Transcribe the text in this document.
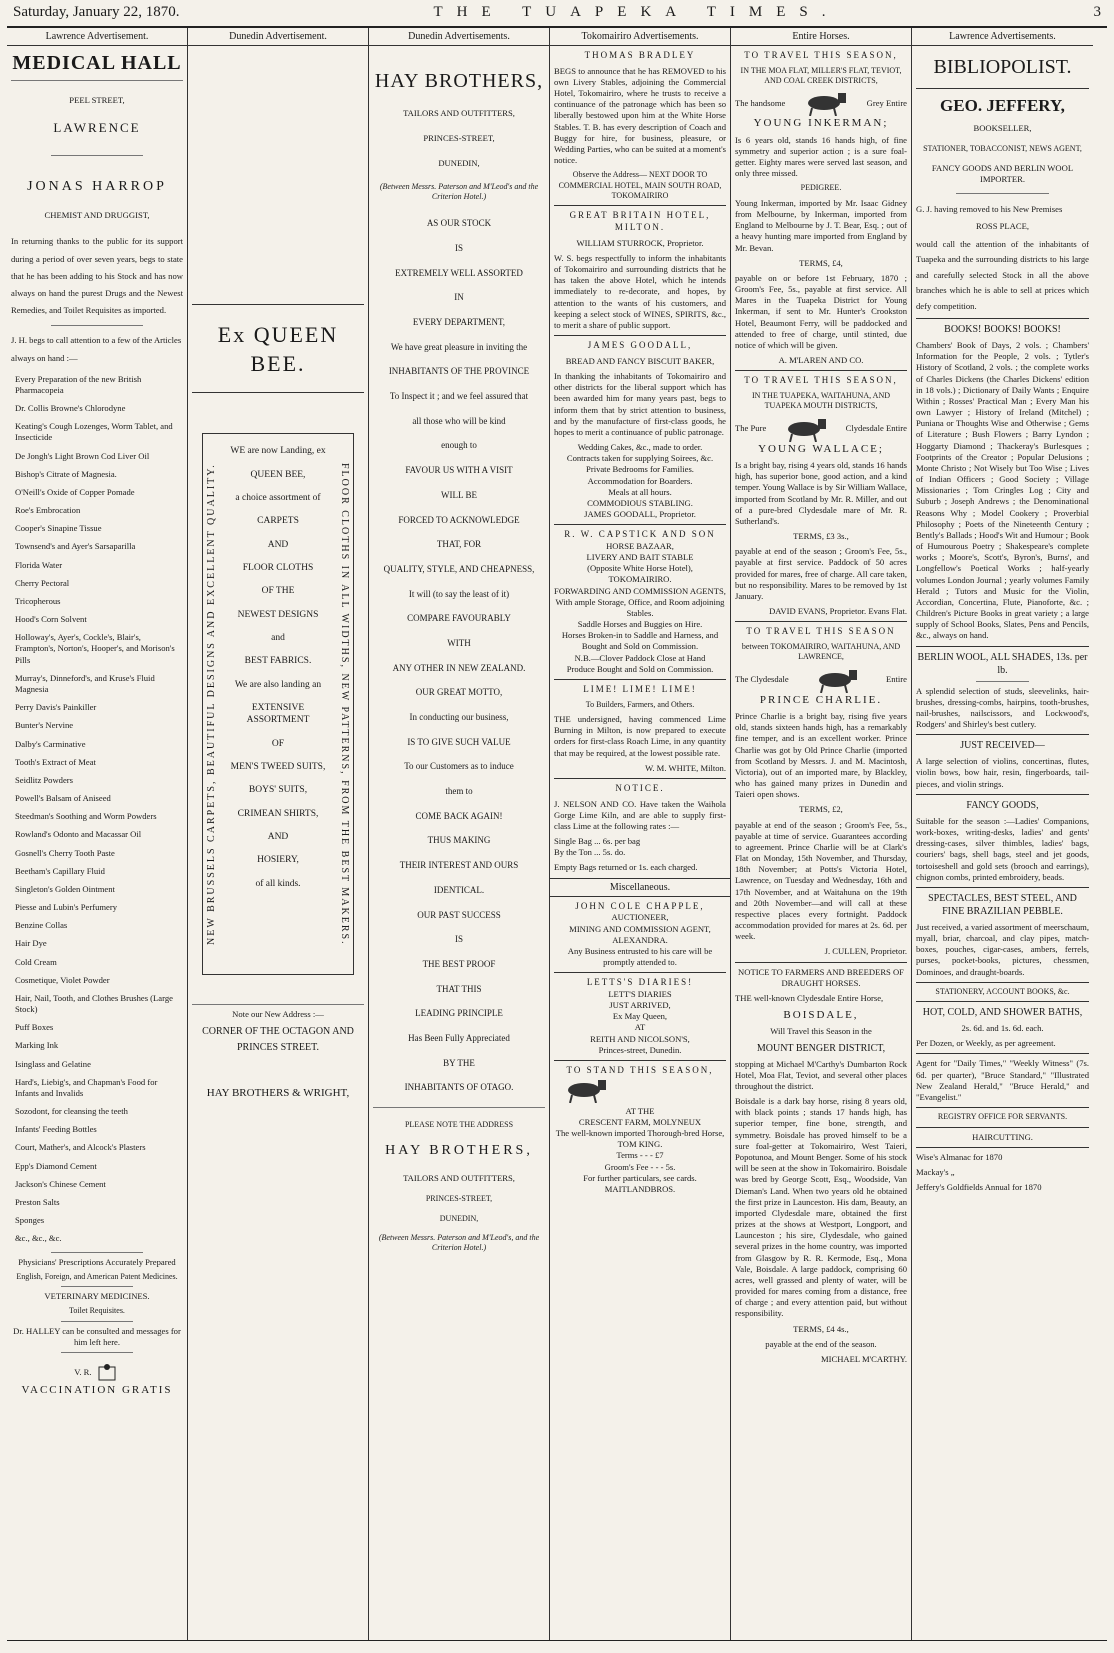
Saturday, January 22, 1870.	THE TUAPEKA TIMES.	3
Lawrence Advertisement.
MEDICAL HALL
PEEL STREET,
LAWRENCE
JONAS HARROP
CHEMIST AND DRUGGIST,

In returning thanks to the public for its support during a period of over seven years, begs to state that he has been adding to his Stock and has now always on hand the purest Drugs and the Newest Remedies, and Toilet Requisites as imported.

J. H. begs to call attention to a few of the Articles always on hand :—

Every Preparation of the new British Pharmacopeia
Dr. Collis Browne's Chlorodyne
Keating's Cough Lozenges, Worm Tablet, and Insecticide
De Jongh's Light Brown Cod Liver Oil
Bishop's Citrate of Magnesia.
O'Neill's Oxide of Copper Pomade
Roe's Embrocation
Cooper's Sinapine Tissue
Townsend's and Ayer's Sarsaparilla
Florida Water
Cherry Pectoral
Tricopherous
Hood's Corn Solvent
Holloway's, Ayer's, Cockle's, Blair's, Frampton's, Norton's, Hooper's, and Morison's Pills
Murray's, Dinneford's, and Kruse's Fluid Magnesia
Perry Davis's Painkiller
Bunter's Nervine
Dalby's Carminative
Tooth's Extract of Meat
Seidlitz Powders
Powell's Balsam of Aniseed
Steedman's Soothing and Worm Powders
Rowland's Odonto and Macassar Oil
Gosnell's Cherry Tooth Paste
Beetham's Capillary Fluid
Singleton's Golden Ointment
Piesse and Lubin's Perfumery
Benzine Collas
Hair Dye
Cold Cream
Cosmetique, Violet Powder
Hair, Nail, Tooth, and Clothes Brushes (Large Stock)
Puff Boxes
Marking Ink
Isinglass and Gelatine
Hard's, Liebig's, and Chapman's Food for Infants and Invalids
Sozodont, for cleansing the teeth
Infants' Feeding Bottles
Court, Mather's, and Alcock's Plasters
Epp's Diamond Cement
Jackson's Chinese Cement
Preston Salts
Sponges
&c., &c., &c.

Physicians' Prescriptions Accurately Prepared

English, Foreign, and American Patent Medicines.

VETERINARY MEDICINES.

Toilet Requisites.

Dr. HALLEY can be consulted and messages for him left here.

V. R.
VACCINATION GRATIS
Dunedin Advertisement.
Ex QUEEN BEE.
NEW BRUSSELS CARPETS, BEAUTIFUL DESIGNS AND EXCELLENT QUALITY.	FLOOR CLOTHS IN ALL WIDTHS, NEW PATTERNS, FROM THE BEST MAKERS.
WE are now Landing, ex
QUEEN BEE,
a choice assortment of
CARPETS
AND
FLOOR CLOTHS
OF THE
NEWEST DESIGNS
and
BEST FABRICS.
We are also landing an
EXTENSIVE ASSORTMENT
OF
MEN'S TWEED SUITS,
BOYS' SUITS,
CRIMEAN SHIRTS,
AND
HOSIERY,
of all kinds.

Note our New Address :—

CORNER OF THE OCTAGON AND PRINCES STREET.

HAY BROTHERS & WRIGHT,
Dunedin Advertisements.
HAY BROTHERS,

TAILORS AND OUTFITTERS,

PRINCES-STREET,

DUNEDIN,

(Between Messrs. Paterson and M'Leod's and the Criterion Hotel.)

AS OUR STOCK
IS
EXTREMELY WELL ASSORTED
IN
EVERY DEPARTMENT,
We have great pleasure in inviting the
INHABITANTS OF THE PROVINCE
To Inspect it ; and we feel assured that
all those who will be kind
enough to
FAVOUR US WITH A VISIT
WILL BE
FORCED TO ACKNOWLEDGE
THAT, FOR
QUALITY, STYLE, AND CHEAPNESS,
It will (to say the least of it)
COMPARE FAVOURABLY
WITH
ANY OTHER IN NEW ZEALAND.
OUR GREAT MOTTO,
In conducting our business,
IS TO GIVE SUCH VALUE
To our Customers as to induce
them to
COME BACK AGAIN!
THUS MAKING
THEIR INTEREST AND OURS
IDENTICAL.
OUR PAST SUCCESS
IS
THE BEST PROOF
THAT THIS
LEADING PRINCIPLE
Has Been Fully Appreciated
BY THE
INHABITANTS OF OTAGO.

PLEASE NOTE THE ADDRESS

HAY BROTHERS,

TAILORS AND OUTFITTERS,

PRINCES-STREET,

DUNEDIN,

(Between Messrs. Paterson and M'Leod's, and the Criterion Hotel.)

Tokomairiro Advertisements.
THOMAS BRADLEY

BEGS to announce that he has REMOVED to his own Livery Stables, adjoining the Commercial Hotel, Tokomairiro, where he trusts to receive a continuance of the patronage which has been so liberally bestowed upon him at the White Horse Stables. T. B. has every description of Coach and Buggy for hire, for business, pleasure, or Wedding Parties, who can be suited at a moment's notice.

Observe the Address— NEXT DOOR TO COMMERCIAL HOTEL, MAIN SOUTH ROAD, TOKOMAIRIRO

GREAT BRITAIN HOTEL, MILTON.

WILLIAM STURROCK, Proprietor.

W. S. begs respectfully to inform the inhabitants of Tokomairiro and surrounding districts that he has taken the above Hotel, which he intends immediately to re-decorate, and hopes, by attention to the wants of his customers, and keeping a select stock of WINES, SPIRITS, &c., to merit a share of public support.

JAMES GOODALL,

BREAD AND FANCY BISCUIT BAKER,

In thanking the inhabitants of Tokomairiro and other districts for the liberal support which has been awarded him for many years past, begs to inform them that by strict attention to business, and by the manufacture of first-class goods, he hopes to merit a continuance of public patronage.

Wedding Cakes, &c., made to order.
Contracts taken for supplying Soirees, &c.
Private Bedrooms for Families.
Accommodation for Boarders.
Meals at all hours.
COMMODIOUS STABLING.
JAMES GOODALL, Proprietor.
R. W. CAPSTICK AND SON
HORSE BAZAAR,
LIVERY AND BAIT STABLE
(Opposite White Horse Hotel),
TOKOMAIRIRO.
FORWARDING AND COMMISSION AGENTS,
With ample Storage, Office, and Room adjoining Stables.
Saddle Horses and Buggies on Hire.
Horses Broken-in to Saddle and Harness, and Bought and Sold on Commission.
N.B.—Clover Paddock Close at Hand
Produce Bought and Sold on Commission.
LIME! LIME! LIME!

To Builders, Farmers, and Others.

THE undersigned, having commenced Lime Burning in Milton, is now prepared to execute orders for first-class Roach Lime, in any quantity that may be required, at the lowest possible rate.

W. M. WHITE, Milton.

NOTICE.

J. NELSON AND CO. Have taken the Waihola Gorge Lime Kiln, and are able to supply first-class Lime at the following rates :—

Single Bag ... 6s. per bag
By the Ton ... 5s. do.

Empty Bags returned or 1s. each charged.

Miscellaneous.
JOHN COLE CHAPPLE,
AUCTIONEER,
MINING AND COMMISSION AGENT,
ALEXANDRA.
Any Business entrusted to his care will be promptly attended to.
LETTS'S DIARIES!
LETT'S DIARIES
JUST ARRIVED,
Ex May Queen,
AT
REITH AND NICOLSON'S,
Princes-street, Dunedin.
TO STAND THIS SEASON,
AT THE
CRESCENT FARM, MOLYNEUX
The well-known imported Thorough-bred Horse,
TOM KING.
Terms - - - £7
Groom's Fee - - - 5s.
For further particulars, see cards.
MAITLANDBROS.
Entire Horses.
TO TRAVEL THIS SEASON,

IN THE MOA FLAT, MILLER'S FLAT, TEVIOT, AND COAL CREEK DISTRICTS,

The handsome	Grey Entire
YOUNG INKERMAN;

Is 6 years old, stands 16 hands high, of fine symmetry and superior action ; is a sure foal-getter. Eighty mares were served last season, and only three missed.

PEDIGREE.

Young Inkerman, imported by Mr. Isaac Gidney from Melbourne, by Inkerman, imported from England to Melbourne by J. T. Bear, Esq. ; out of a heavy hunting mare imported from England by Mr. Bevan.

TERMS, £4,

payable on or before 1st February, 1870 ; Groom's Fee, 5s., payable at first service. All Mares in the Tuapeka District for Young Inkerman, if sent to Mr. Hunter's Crookston Hotel, Beaumont Ferry, will be paddocked and attended to free of charge, until stinted, due notice of which will be given.

A. M'LAREN AND CO.

TO TRAVEL THIS SEASON,

IN THE TUAPEKA, WAITAHUNA, AND TUAPEKA MOUTH DISTRICTS,

The Pure	Clydesdale Entire
YOUNG WALLACE;

Is a bright bay, rising 4 years old, stands 16 hands high, has superior bone, good action, and a kind temper. Young Wallace is by Sir William Wallace, imported from Scotland by Mr. R. Miller, and out of a pure-bred Clydesdale mare of Mr. R. Sutherland's.

TERMS, £3 3s.,

payable at end of the season ; Groom's Fee, 5s., payable at first service. Paddock of 50 acres provided for mares, free of charge. All care taken, but no responsibility. Mares to be removed by 1st January.

DAVID EVANS, Proprietor. Evans Flat.

TO TRAVEL THIS SEASON

between TOKOMAIRIRO, WAITAHUNA, AND LAWRENCE,

The Clydesdale	Entire
PRINCE CHARLIE.

Prince Charlie is a bright bay, rising five years old, stands sixteen hands high, has a remarkably fine temper, and is an excellent worker. Prince Charlie was got by Old Prince Charlie (imported from Scotland by Messrs. J. and M. Macintosh, Victoria), out of an imported mare, by Blackley, who has gained many prizes in Dunedin and Taieri open shows.

TERMS, £2,

payable at end of the season ; Groom's Fee, 5s., payable at time of service. Guarantees according to agreement. Prince Charlie will be at Clark's Flat on Monday, 15th November, and Thursday, 18th November; at Potts's Victoria Hotel, Lawrence, on Tuesday and Wednesday, 16th and 17th November, and at Waitahuna on the 19th and 20th November—and will call at these respective places every fortnight. Paddock accommodation provided for mares at 2s. 6d. per week.

J. CULLEN, Proprietor.

NOTICE TO FARMERS AND BREEDERS OF DRAUGHT HORSES.

THE well-known Clydesdale Entire Horse,

BOISDALE,

Will Travel this Season in the

MOUNT BENGER DISTRICT,

stopping at Michael M'Carthy's Dumbarton Rock Hotel, Moa Flat, Teviot, and several other places throughout the district.

Boisdale is a dark bay horse, rising 8 years old, with black points ; stands 17 hands high, has superior temper, fine bone, strength, and symmetry. Boisdale has proved himself to be a sure foal-getter at Tokomairiro, West Taieri, Popotunoa, and Mount Benger. Some of his stock will be seen at the show in Tokomairiro. Boisdale was bred by George Scott, Esq., Woodside, Van Dieman's Land. When two years old he obtained the first prize in Launceston. His dam, Beauty, an imported Clydesdale mare, obtained the first prizes at the shows at Westport, Longport, and Launceston ; his sire, Clydesdale, who gained several prizes in the home country, was imported from Glasgow by R. R. Kermode, Esq., Mona Vale, Boisdale. A large paddock, comprising 60 acres, well grassed and plenty of water, will be provided for mares coming from a distance, free of charge ; and every attention paid, but without responsibility.

TERMS, £4 4s.,

payable at the end of the season.

MICHAEL M'CARTHY.

Lawrence Advertisements.
BIBLIOPOLIST.
GEO. JEFFERY,

BOOKSELLER,

STATIONER, TOBACCONIST, NEWS AGENT,

FANCY GOODS AND BERLIN WOOL IMPORTER.

G. J. having removed to his New Premises

ROSS PLACE,

would call the attention of the inhabitants of Tuapeka and the surrounding districts to his large and carefully selected Stock in all the above branches which he is able to sell at prices which defy competition.

BOOKS! BOOKS! BOOKS!

Chambers' Book of Days, 2 vols. ; Chambers' Information for the People, 2 vols. ; Tytler's History of Scotland, 2 vols. ; the complete works of Charles Dickens (the Charles Dickens' edition in 18 vols.) ; Dictionary of Daily Wants ; Enquire Within ; Rosses' Practical Man ; Every Man his own Lawyer ; History of Ireland (Mitchel) ; Puniana or Thoughts Wise and Otherwise ; Gems of Literature ; Bush Flowers ; Barry Lyndon ; Hoggarty Diamond ; Thackeray's Burlesques ; Footprints of the Creator ; Popular Delusions ; Monte Christo ; Not Wisely but Too Wise ; Lives of Indian Officers ; Good Society ; Village Missionaries ; Tom Cringles Log ; City and Suburb ; Joseph Andrews ; the Denominational Reasons Why ; Model Cookery ; Proverbial Philosophy ; Poets of the Nineteenth Century ; Bently's Ballads ; Hood's Wit and Humour ; Book of Humourous Poetry ; Shakespeare's complete works ; Moore's, Scott's, Byron's, Burns', and Longfellow's Poetical Works ; half-yearly volumes London Journal ; yearly volumes Family Herald ; Tutors and Music for the Violin, Accordian, Concertina, Flute, Pianoforte, &c. ; Children's Picture Books in great variety ; a large supply of School Books, Slates, Pens and Pencils, &c., always on hand.

BERLIN WOOL, ALL SHADES, 13s. per lb.

A splendid selection of studs, sleevelinks, hair-brushes, dressing-combs, hairpins, tooth-brushes, nail-brushes, nailscissors, and Lockwood's, Rodgers' and Shirley's best cutlery.

JUST RECEIVED—

A large selection of violins, concertinas, flutes, violin bows, bow hair, resin, fingerboards, tail-pieces, and violin strings.

FANCY GOODS,

Suitable for the season :—Ladies' Companions, work-boxes, writing-desks, ladies' and gents' dressing-cases, silver thimbles, ladies' bags, couriers' bags, shell bags, steel and jet goods, tortoiseshell and gold sets (brooch and earrings), chignon combs, printed embroidery, beads.

SPECTACLES, BEST STEEL, AND FINE BRAZILIAN PEBBLE.

Just received, a varied assortment of meerschaum, myall, briar, charcoal, and clay pipes, match-boxes, pouches, cigar-cases, ambers, ferrels, purses, pocket-books, pictures, chessmen, Dominoes, and draught-boards.

STATIONERY, ACCOUNT BOOKS, &c.

HOT, COLD, AND SHOWER BATHS,

2s. 6d. and 1s. 6d. each.

Per Dozen, or Weekly, as per agreement.

Agent for "Daily Times," "Weekly Witness" (7s. 6d. per quarter), "Bruce Standard," "Illustrated New Zealand Herald," "Bruce Herald," and "Evangelist."

REGISTRY OFFICE FOR SERVANTS.

HAIRCUTTING.

Wise's Almanac for 1870

Mackay's „

Jeffery's Goldfields Annual for 1870
